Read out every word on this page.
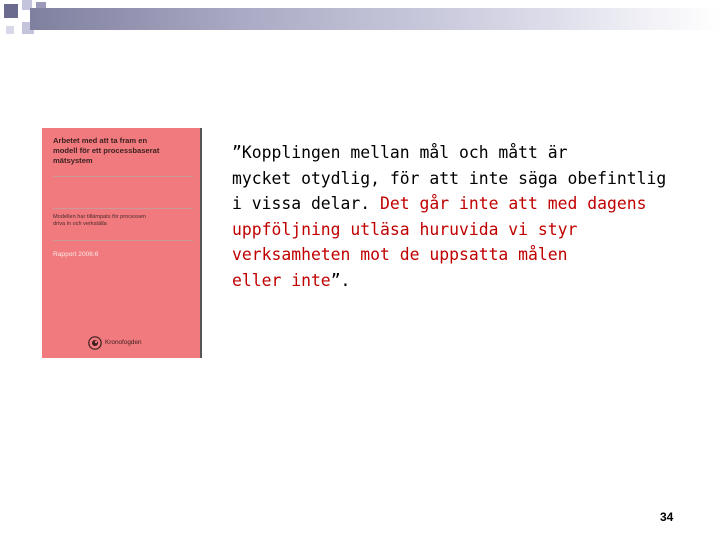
Arbetet med att ta fram en
modell för ett processbaserat
mätsystem
Modellen har tillämpats för processen
driva in och verkställa
Rapport 2006:6
Kronofogden
”Kopplingen mellan mål och mått är
mycket otydlig, för att inte säga obefintlig
i vissa delar. Det går inte att med dagens
uppföljning utläsa huruvida vi styr
verksamheten mot de uppsatta målen
eller inte”.
34
